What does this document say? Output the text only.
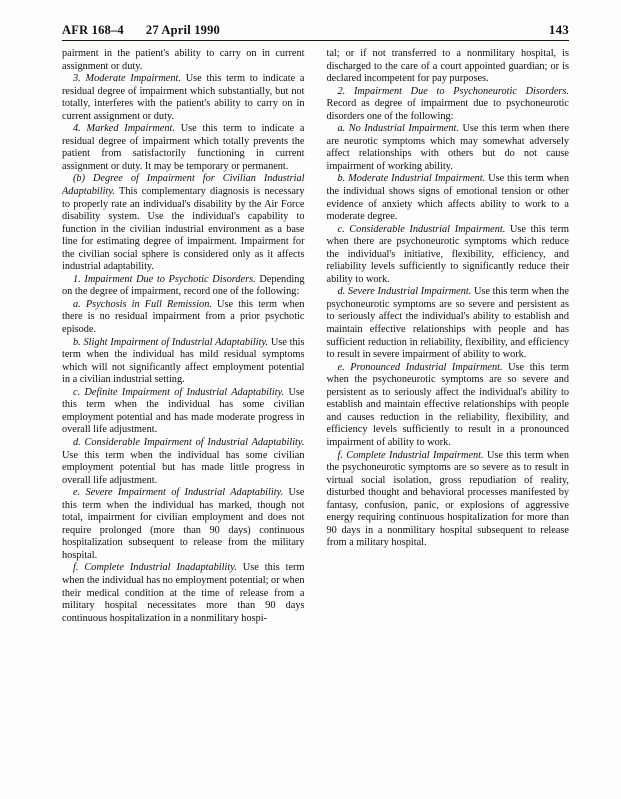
AFR 168–4 27 April 1990	143

pairment in the patient's ability to carry on in current assignment or duty.

3. Moderate Impairment. Use this term to indicate a residual degree of impairment which substantially, but not totally, interferes with the patient's ability to carry on in current assignment or duty.

4. Marked Impairment. Use this term to indicate a residual degree of impairment which totally prevents the patient from satisfactorily functioning in current assignment or duty. It may be temporary or permanent.

(b) Degree of Impairment for Civilian Industrial Adaptability. This complementary diagnosis is necessary to properly rate an individual's disability by the Air Force disability system. Use the individual's capability to function in the civilian industrial environment as a base line for estimating degree of impairment. Impairment for the civilian social sphere is considered only as it affects industrial adaptability.

1. Impairment Due to Psychotic Disorders. Depending on the degree of impairment, record one of the following:

a. Psychosis in Full Remission. Use this term when there is no residual impairment from a prior psychotic episode.

b. Slight Impairment of Industrial Adaptability. Use this term when the individual has mild residual symptoms which will not significantly affect employment potential in a civilian industrial setting.

c. Definite Impairment of Industrial Adaptability. Use this term when the individual has some civilian employment potential and has made moderate progress in overall life adjustment.

d. Considerable Impairment of Industrial Adaptability. Use this term when the individual has some civilian employment potential but has made little progress in overall life adjustment.

e. Severe Impairment of Industrial Adaptability. Use this term when the individual has marked, though not total, impairment for civilian employment and does not require prolonged (more than 90 days) continuous hospitalization subsequent to release from the military hospital.

f. Complete Industrial Inadaptability. Use this term when the individual has no employment potential; or when their medical condition at the time of release from a military hospital necessitates more than 90 days continuous hospitalization in a nonmilitary hospi-

tal; or if not transferred to a nonmilitary hospital, is discharged to the care of a court appointed guardian; or is declared incompetent for pay purposes.

2. Impairment Due to Psychoneurotic Disorders. Record as degree of impairment due to psychoneurotic disorders one of the following:

a. No Industrial Impairment. Use this term when there are neurotic symptoms which may somewhat adversely affect relationships with others but do not cause impairment of working ability.

b. Moderate Industrial Impairment. Use this term when the individual shows signs of emotional tension or other evidence of anxiety which affects ability to work to a moderate degree.

c. Considerable Industrial Impairment. Use this term when there are psychoneurotic symptoms which reduce the individual's initiative, flexibility, efficiency, and reliability levels sufficiently to significantly reduce their ability to work.

d. Severe Industrial Impairment. Use this term when the psychoneurotic symptoms are so severe and persistent as to seriously affect the individual's ability to establish and maintain effective relationships with people and has sufficient reduction in reliability, flexibility, and efficiency to result in severe impairment of ability to work.

e. Pronounced Industrial Impairment. Use this term when the psychoneurotic symptoms are so severe and persistent as to seriously affect the individual's ability to establish and maintain effective relationships with people and causes reduction in the reliability, flexibility, and efficiency levels sufficiently to result in a pronounced impairment of ability to work.

f. Complete Industrial Impairment. Use this term when the psychoneurotic symptoms are so severe as to result in virtual social isolation, gross repudiation of reality, disturbed thought and behavioral processes manifested by fantasy, confusion, panic, or explosions of aggressive energy requiring continuous hospitalization for more than 90 days in a nonmilitary hospital subsequent to release from a military hospital.
